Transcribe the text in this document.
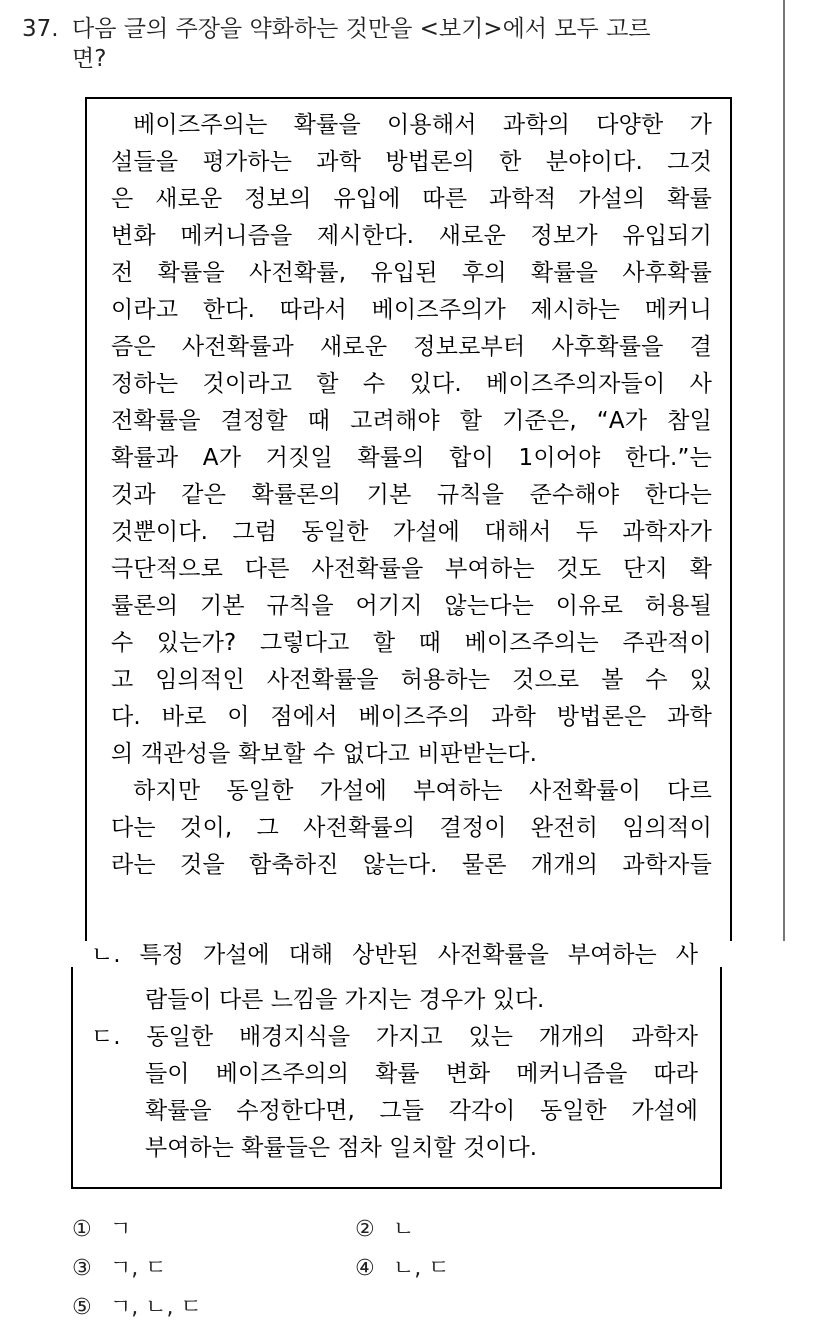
37. 다음 글의 주장을 약화하는 것만을 <보기>에서 모두 고르
면?
베이즈주의는 확률을 이용해서 과학의 다양한 가
설들을 평가하는 과학 방법론의 한 분야이다. 그것
은 새로운 정보의 유입에 따른 과학적 가설의 확률
변화 메커니즘을 제시한다. 새로운 정보가 유입되기
전 확률을 사전확률, 유입된 후의 확률을 사후확률
이라고 한다. 따라서 베이즈주의가 제시하는 메커니
즘은 사전확률과 새로운 정보로부터 사후확률을 결
정하는 것이라고 할 수 있다. 베이즈주의자들이 사
전확률을 결정할 때 고려해야 할 기준은, “A가 참일
확률과 A가 거짓일 확률의 합이 1이어야 한다.”는
것과 같은 확률론의 기본 규칙을 준수해야 한다는
것뿐이다. 그럼 동일한 가설에 대해서 두 과학자가
극단적으로 다른 사전확률을 부여하는 것도 단지 확
률론의 기본 규칙을 어기지 않는다는 이유로 허용될
수 있는가? 그렇다고 할 때 베이즈주의는 주관적이
고 임의적인 사전확률을 허용하는 것으로 볼 수 있
다. 바로 이 점에서 베이즈주의 과학 방법론은 과학
의 객관성을 확보할 수 없다고 비판받는다.
하지만 동일한 가설에 부여하는 사전확률이 다르
다는 것이, 그 사전확률의 결정이 완전히 임의적이
라는 것을 함축하진 않는다. 물론 개개의 과학자들
ㄴ. 특정 가설에 대해 상반된 사전확률을 부여하는 사
람들이 다른 느낌을 가지는 경우가 있다.
ㄷ. 동일한 배경지식을 가지고 있는 개개의 과학자
들이 베이즈주의의 확률 변화 메커니즘을 따라
확률을 수정한다면, 그들 각각이 동일한 가설에
부여하는 확률들은 점차 일치할 것이다.
① ㄱ	② ㄴ
③ ㄱ, ㄷ	④ ㄴ, ㄷ
⑤ ㄱ, ㄴ, ㄷ
